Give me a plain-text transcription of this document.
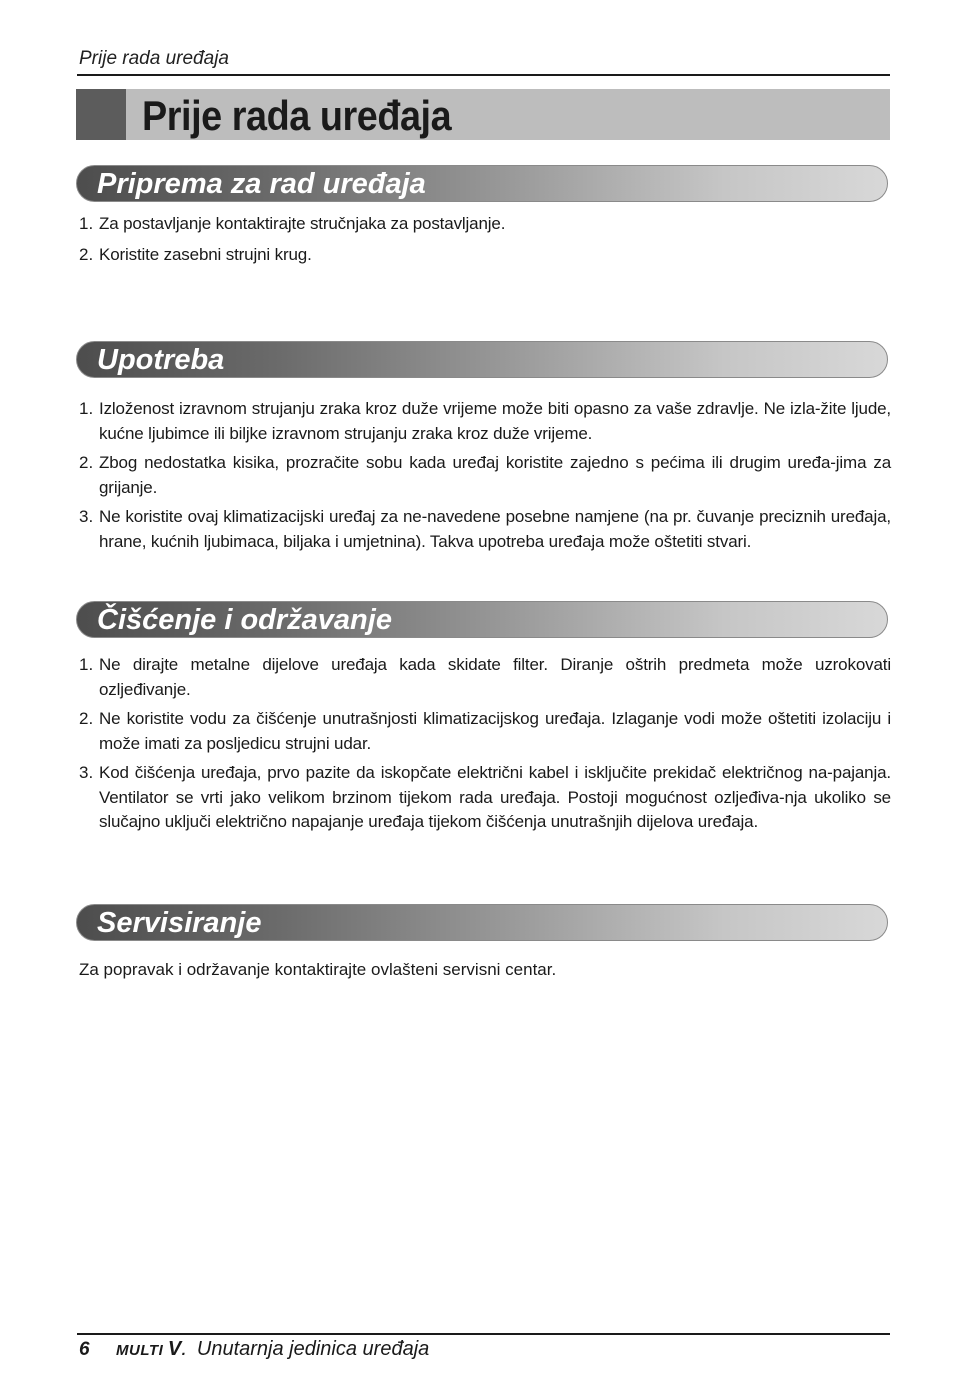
Prije rada uređaja
Prije rada uređaja
Priprema za rad uređaja
1. Za postavljanje kontaktirajte stručnjaka za postavljanje.
2. Koristite zasebni strujni krug.
Upotreba
1. Izloženost izravnom strujanju zraka kroz duže vrijeme može biti opasno za vaše zdravlje. Ne izla-žite ljude, kućne ljubimce ili biljke izravnom strujanju zraka kroz duže vrijeme.
2. Zbog nedostatka kisika, prozračite sobu kada uređaj koristite zajedno s pećima ili drugim uređa-jima za grijanje.
3. Ne koristite ovaj klimatizacijski uređaj za ne-navedene posebne namjene (na pr. čuvanje preciznih uređaja, hrane, kućnih ljubimaca, biljaka i umjetnina). Takva upotreba uređaja može oštetiti stvari.
Čišćenje i održavanje
1. Ne dirajte metalne dijelove uređaja kada skidate filter. Diranje oštrih predmeta može uzrokovati ozljeđivanje.
2. Ne koristite vodu za čišćenje unutrašnjosti klimatizacijskog uređaja. Izlaganje vodi može oštetiti izolaciju i može imati za posljedicu strujni udar.
3. Kod čišćenja uređaja, prvo pazite da iskopčate električni kabel i isključite prekidač električnog na-pajanja. Ventilator se vrti jako velikom brzinom tijekom rada uređaja. Postoji mogućnost ozljeđiva-nja ukoliko se slučajno uključi električno napajanje uređaja tijekom čišćenja unutrašnjih dijelova uređaja.
Servisiranje
Za popravak i održavanje kontaktirajte ovlašteni servisni centar.
6 MULTI V. Unutarnja jedinica uređaja
